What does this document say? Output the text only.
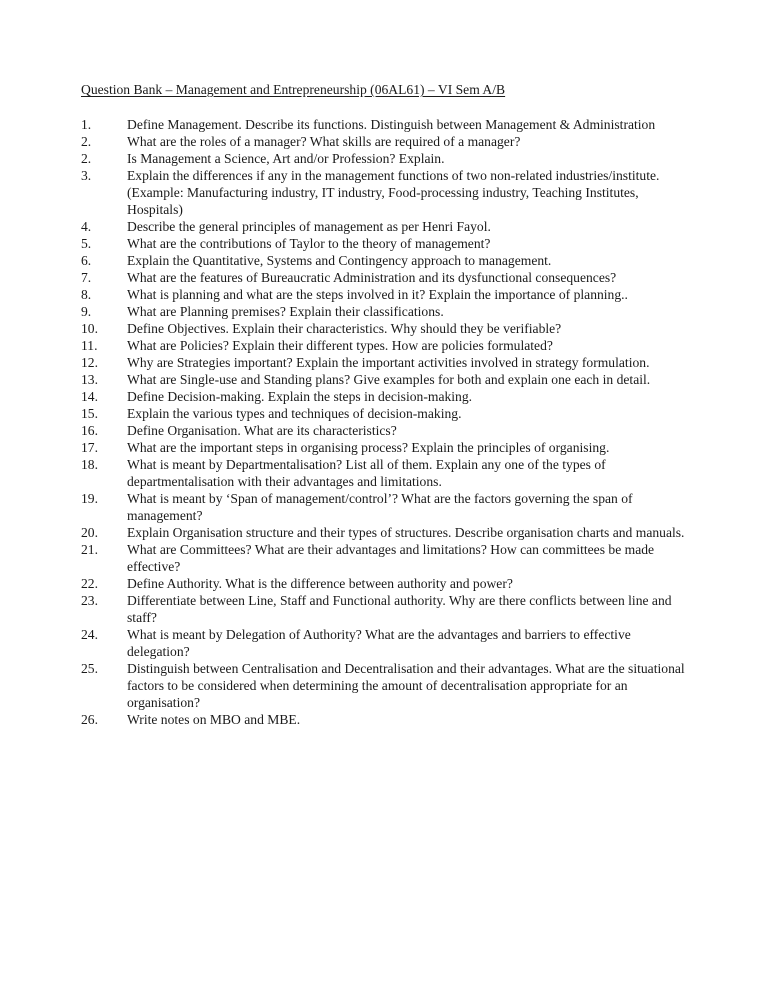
Question Bank – Management and Entrepreneurship (06AL61) – VI Sem A/B
1.	Define Management. Describe its functions. Distinguish between Management & Administration
2.	What are the roles of a manager? What skills are required of a manager?
2.	Is Management a Science, Art and/or Profession? Explain.
3.	Explain the differences if any in the management functions of two non-related industries/institute. (Example: Manufacturing industry, IT industry, Food-processing industry, Teaching Institutes, Hospitals)
4.	Describe the general principles of management as per Henri Fayol.
5.	What are the contributions of Taylor to the theory of management?
6.	Explain the Quantitative, Systems and Contingency approach to management.
7.	What are the features of Bureaucratic Administration and its dysfunctional consequences?
8.	What is planning and what are the steps involved in it? Explain the importance of planning..
9.	What are Planning premises? Explain their classifications.
10.	Define Objectives. Explain their characteristics. Why should they be verifiable?
11.	What are Policies? Explain their different types. How are policies formulated?
12.	Why are Strategies important? Explain the important activities involved in strategy formulation.
13.	What are Single-use and Standing plans? Give examples for both and explain one each in detail.
14.	Define Decision-making. Explain the steps in decision-making.
15.	Explain the various types and techniques of decision-making.
16.	Define Organisation. What are its characteristics?
17.	What are the important steps in organising process? Explain the principles of organising.
18.	What is meant by Departmentalisation? List all of them. Explain any one of the types of departmentalisation with their advantages and limitations.
19.	What is meant by ‘Span of management/control’? What are the factors governing the span of management?
20.	Explain Organisation structure and their types of structures. Describe organisation charts and manuals.
21.	What are Committees? What are their advantages and limitations? How can committees be made effective?
22.	Define Authority. What is the difference between authority and power?
23.	Differentiate between Line, Staff and Functional authority. Why are there conflicts between line and staff?
24.	What is meant by Delegation of Authority? What are the advantages and barriers to effective delegation?
25.	Distinguish between Centralisation and Decentralisation and their advantages. What are the situational factors to be considered when determining the amount of decentralisation appropriate for an organisation?
26.	Write notes on MBO and MBE.
